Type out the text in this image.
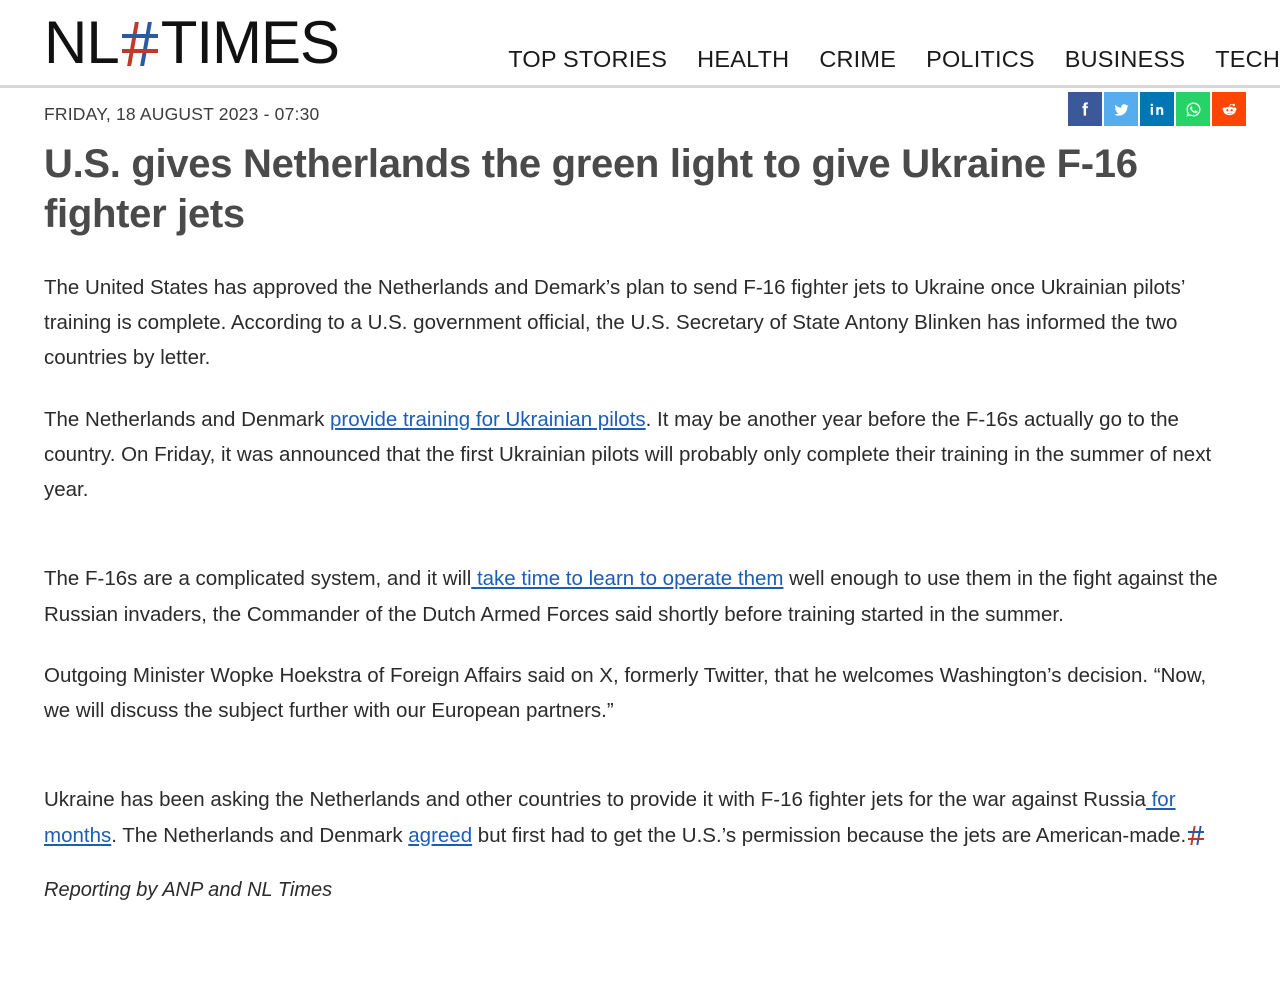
NL TIMES	TOP STORIES HEALTH CRIME POLITICS BUSINESS TECH
FRIDAY, 18 AUGUST 2023 - 07:30
U.S. gives Netherlands the green light to give Ukraine F-16 fighter jets

The United States has approved the Netherlands and Demark’s plan to send F-16 fighter jets to Ukraine once Ukrainian pilots’ training is complete. According to a U.S. government official, the U.S. Secretary of State Antony Blinken has informed the two countries by letter.

The Netherlands and Denmark provide training for Ukrainian pilots. It may be another year before the F-16s actually go to the country. On Friday, it was announced that the first Ukrainian pilots will probably only complete their training in the summer of next year.

The F-16s are a complicated system, and it will take time to learn to operate them well enough to use them in the fight against the Russian invaders, the Commander of the Dutch Armed Forces said shortly before training started in the summer.

Outgoing Minister Wopke Hoekstra of Foreign Affairs said on X, formerly Twitter, that he welcomes Washington’s decision. “Now, we will discuss the subject further with our European partners.”

Ukraine has been asking the Netherlands and other countries to provide it with F-16 fighter jets for the war against Russia for months. The Netherlands and Denmark agreed but first had to get the U.S.’s permission because the jets are American-made.

Reporting by ANP and NL Times
